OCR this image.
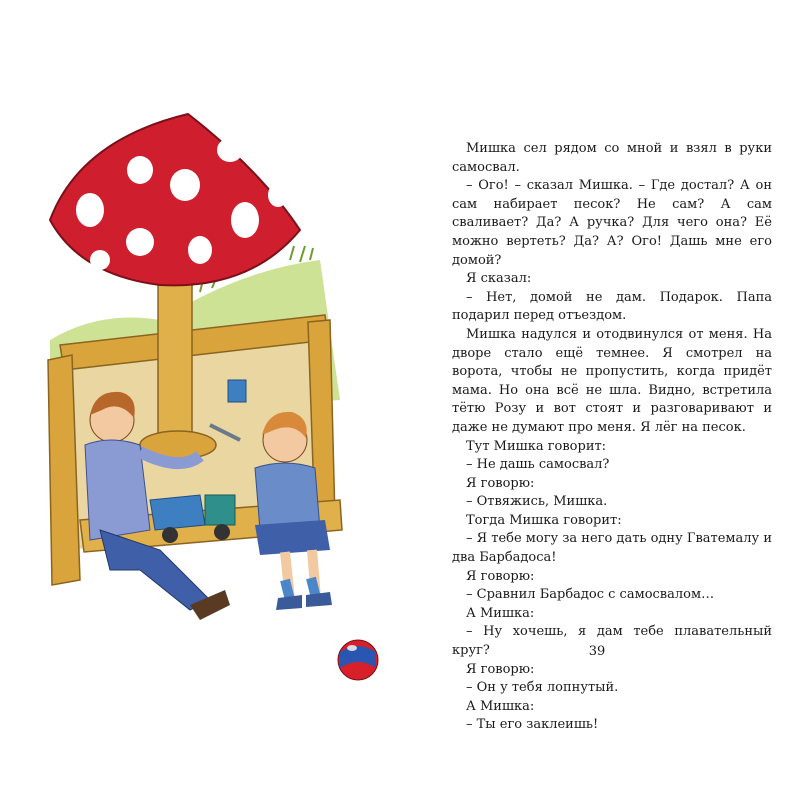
Мишка сел рядом со мной и взял в руки самосвал.

– Ого! – сказал Мишка. – Где достал? А он сам набирает песок? Не сам? А сам сваливает? Да? А ручка? Для чего она? Её можно вертеть? Да? А? Ого! Дашь мне его домой?

Я сказал:

– Нет, домой не дам. Подарок. Папа подарил перед отъездом.

Мишка надулся и отодвинулся от меня. На дворе стало ещё темнее. Я смотрел на ворота, чтобы не пропустить, когда придёт мама. Но она всё не шла. Видно, встретила тётю Розу и вот стоят и разговаривают и даже не думают про меня. Я лёг на песок.

Тут Мишка говорит:

– Не дашь самосвал?

Я говорю:

– Отвяжись, Мишка.

Тогда Мишка говорит:

– Я тебе могу за него дать одну Гватемалу и два Барбадоса!

Я говорю:

– Сравнил Барбадос с самосвалом…

А Мишка:

– Ну хочешь, я дам тебе плавательный круг?

Я говорю:

– Он у тебя лопнутый.

А Мишка:

– Ты его заклеишь!

39
